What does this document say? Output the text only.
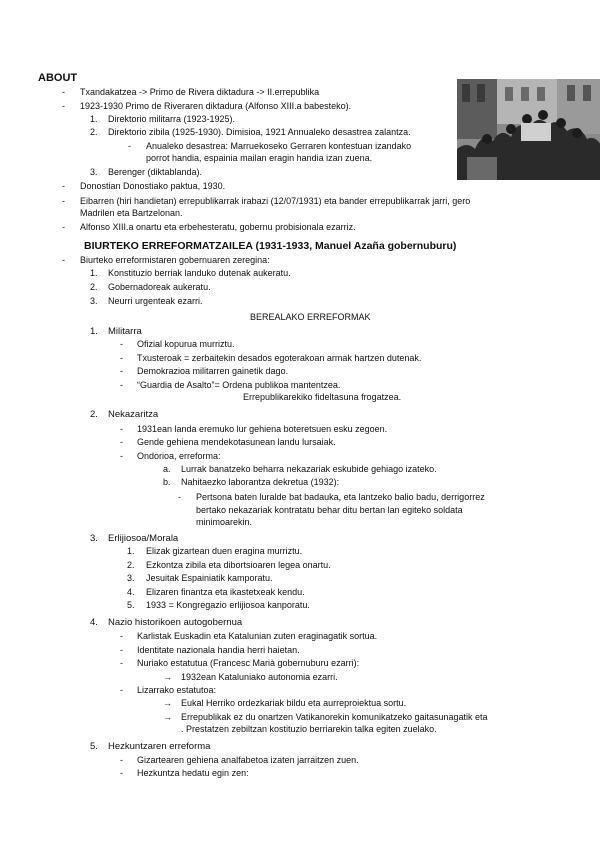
ABOUT
- Txandakatzea -> Primo de Rivera diktadura -> II.errepublika
- 1923-1930 Primo de Riveraren diktadura (Alfonso XIII.a babesteko).
1. Direktorio militarra (1923-1925).
2. Direktorio zibila (1925-1930). Dimisioa, 1921 Annualeko desastrea zalantza.
- Anualeko desastrea: Marruekoseko Gerraren kontestuan izandako
porrot handia, espainia mailan eragin handia izan zuena.
3. Berenger (diktablanda).
- Donostian Donostiako paktua, 1930.
- Eibarren (hiri handietan) errepublikarrak irabazi (12/07/1931) eta bander errepublikarrak jarri, gero
Madrilen eta Bartzelonan.
- Alfonso XIII.a onartu eta erbehesteratu, gobernu probisionala ezarriz.
BIURTEKO ERREFORMATZAILEA (1931-1933, Manuel Azaña gobernuburu)
- Biurteko erreformistaren gobernuaren zeregina:
1. Konstituzio berriak landuko dutenak aukeratu.
2. Gobernadoreak aukeratu.
3. Neurri urgenteak ezarri.
BEREALAKO ERREFORMAK
1. Militarra
- Ofizial kopurua murriztu.
- Txusteroak = zerbaitekin desados egoterakoan armak hartzen dutenak.
- Demokrazioa militarren gainetik dago.
- “Guardia de Asalto”= Ordena publikoa mantentzea.
Errepublikarekiko fideltasuna frogatzea.
2. Nekazaritza
- 1931ean landa eremuko lur gehiena boteretsuen esku zegoen.
- Gende gehiena mendekotasunean landu lursaiak.
- Ondorioa, erreforma:
a. Lurrak banatzeko beharra nekazariak eskubide gehiago izateko.
b. Nahitaezko laborantza dekretua (1932):
- Pertsona baten luralde bat badauka, eta lantzeko balio badu, derrigorrez
bertako nekazariak kontratatu behar ditu bertan lan egiteko soldata
minimoarekin.
3. Erlijiosoa/Morala
1. Elizak gizartean duen eragina murriztu.
2. Ezkontza zibila eta dibortsioaren legea onartu.
3. Jesuitak Espainiatik kamporatu.
4. Elizaren finantza eta ikastetxeak kendu.
5. 1933 = Kongregazio erlijiosoa kanporatu.
4. Nazio historikoen autogobernua
- Karlistak Euskadin eta Katalunian zuten eraginagatik sortua.
- Identitate nazionala handia herri haietan.
- Nuriako estatutua (Francesc Marià gobernuburu ezarri):
→ 1932ean Kataluniako autonomia ezarri.
- Lizarrako estatutoa:
→ Eukal Herriko ordezkariak bildu eta aurreproiektua sortu.
→ Errepublikak ez du onartzen Vatikanorekin komunikatzeko gaitasunagatik eta
. Prestatzen zebiltzan kostituzio berriarekin talka egiten zuelako.
5. Hezkuntzaren erreforma
- Gizartearen gehiena analfabetoa izaten jarraitzen zuen.
- Hezkuntza hedatu egin zen:
